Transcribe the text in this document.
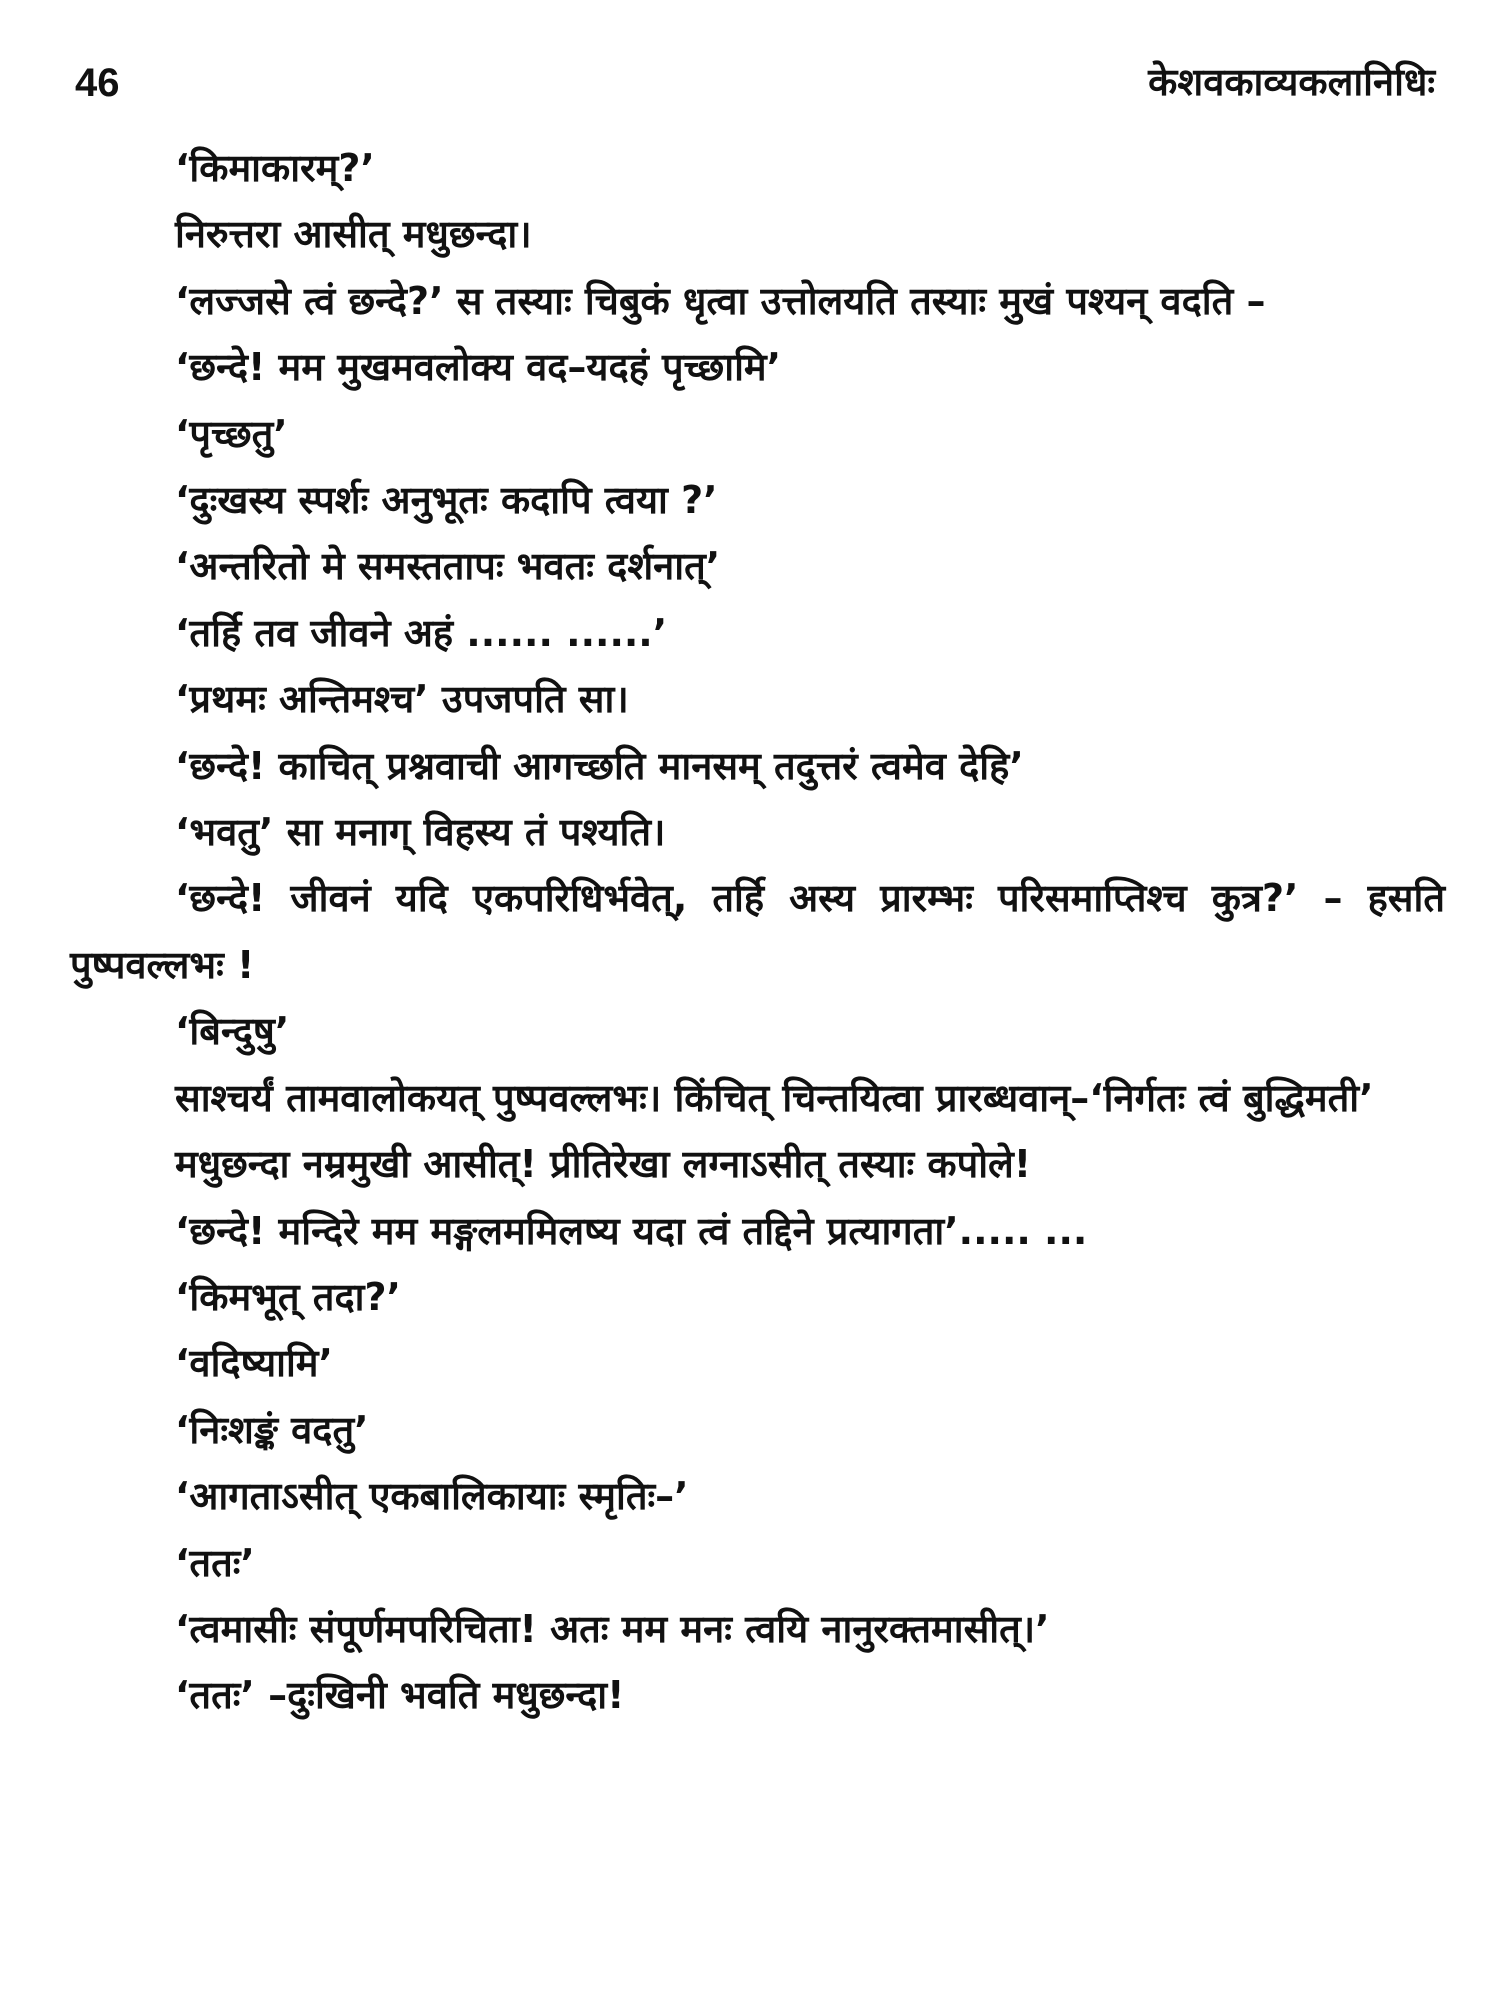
46	केशवकाव्यकलानिधिः

‘किमाकारम्?’

निरुत्तरा आसीत् मधुछन्दा।

‘लज्जसे त्वं छन्दे?’ स तस्याः चिबुकं धृत्वा उत्तोलयति तस्याः मुखं पश्यन् वदति –

‘छन्दे! मम मुखमवलोक्य वद–यदहं पृच्छामि’

‘पृच्छतु’

‘दुःखस्य स्पर्शः अनुभूतः कदापि त्वया ?’

‘अन्तरितो मे समस्ततापः भवतः दर्शनात्’

‘तर्हि तव जीवने अहं ...... ......’

‘प्रथमः अन्तिमश्च’ उपजपति सा।

‘छन्दे! काचित् प्रश्नवाची आगच्छति मानसम् तदुत्तरं त्वमेव देहि’

‘भवतु’ सा मनाग् विहस्य तं पश्यति।

‘छन्दे! जीवनं यदि एकपरिधिर्भवेत्, तर्हि अस्य प्रारम्भः परिसमाप्तिश्च कुत्र?’ – हसति पुष्पवल्लभः !

‘बिन्दुषु’

साश्चर्यं तामवालोकयत् पुष्पवल्लभः। किंचित् चिन्तयित्वा प्रारब्धवान्–‘निर्गतः त्वं बुद्धिमती’

मधुछन्दा नम्रमुखी आसीत्! प्रीतिरेखा लग्नाऽसीत् तस्याः कपोले!

‘छन्दे! मन्दिरे मम मङ्गलममिलष्य यदा त्वं तद्दिने प्रत्यागता’..... ...

‘किमभूत् तदा?’

‘वदिष्यामि’

‘निःशङ्कं वदतु’

‘आगताऽसीत् एकबालिकायाः स्मृतिः–’

‘ततः’

‘त्वमासीः संपूर्णमपरिचिता! अतः मम मनः त्वयि नानुरक्तमासीत्।’

‘ततः’ –दुःखिनी भवति मधुछन्दा!
